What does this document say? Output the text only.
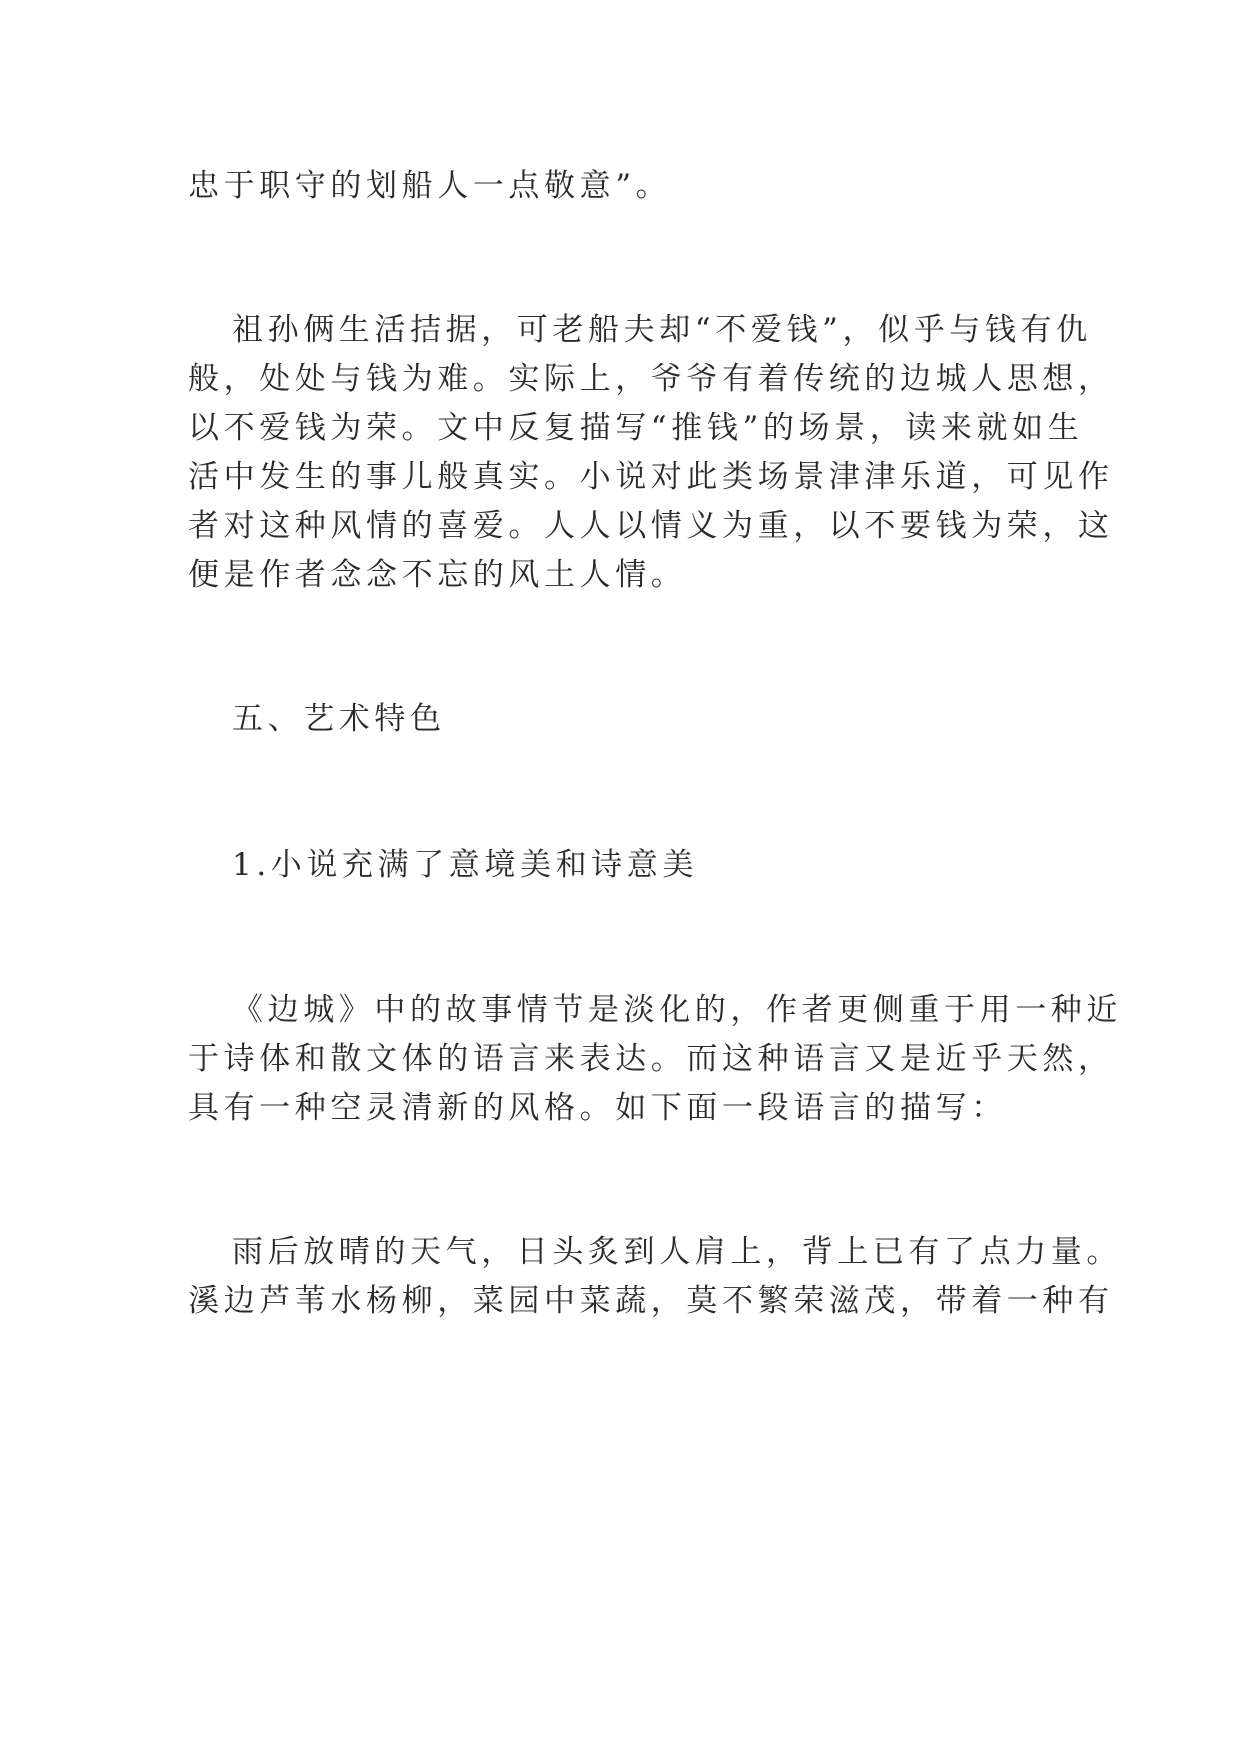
忠于职守的划船人一点敬意”。
祖孙俩生活拮据，可老船夫却“不爱钱”，似乎与钱有仇
般，处处与钱为难。实际上，爷爷有着传统的边城人思想，
以不爱钱为荣。文中反复描写“推钱”的场景，读来就如生
活中发生的事儿般真实。小说对此类场景津津乐道，可见作
者对这种风情的喜爱。人人以情义为重，以不要钱为荣，这
便是作者念念不忘的风土人情。
五、艺术特色
1.小说充满了意境美和诗意美
《边城》中的故事情节是淡化的，作者更侧重于用一种近
于诗体和散文体的语言来表达。而这种语言又是近乎天然，
具有一种空灵清新的风格。如下面一段语言的描写：
雨后放晴的天气，日头炙到人肩上，背上已有了点力量。
溪边芦苇水杨柳，菜园中菜蔬，莫不繁荣滋茂，带着一种有
